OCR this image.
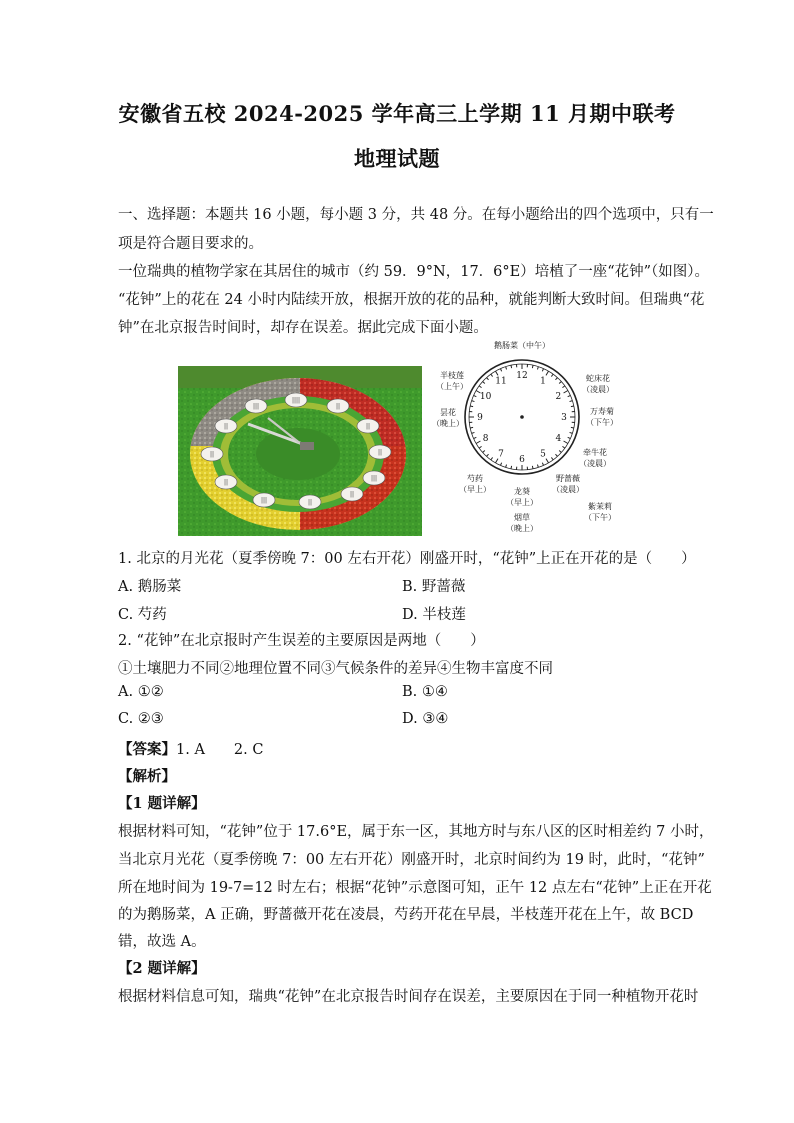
安徽省五校 2024-2025 学年高三上学期 11 月期中联考
地理试题
一、选择题：本题共 16 小题，每小题 3 分，共 48 分。在每小题给出的四个选项中，只有一
项是符合题目要求的。
一位瑞典的植物学家在其居住的城市（约 59．9°N，17．6°E）培植了一座“花钟”（如图）。
“花钟”上的花在 24 小时内陆续开放，根据开放的花的品种，就能判断大致时间。但瑞典“花
钟”在北京报告时间时，却存在误差。据此完成下面小题。
||||
||
||
||
|||
||
||
|||
||
||
||
|||
12
1
2
3
4
5
6
7
8
9
10
11
鹅肠菜（中午）
蛇床花
（凌晨）
万寿菊
（下午）
牵牛花
（凌晨）
野蔷薇
（凌晨）
紫茉莉
（下午）
烟草
（晚上）
龙葵
（早上）
芍药
（早上）
昙花
（晚上）
半枝莲
（上午）
1. 北京的月光花（夏季傍晚 7：00 左右开花）刚盛开时，“花钟”上正在开花的是（　　）
A. 鹅肠菜	B. 野蔷薇
C. 芍药	D. 半枝莲
2. “花钟”在北京报时产生误差的主要原因是两地（　　）
①土壤肥力不同②地理位置不同③气候条件的差异④生物丰富度不同
A. ①②	B. ①④
C. ②③	D. ③④
【答案】1. A　　2. C
【解析】
【1 题详解】
根据材料可知，“花钟”位于 17.6°E，属于东一区，其地方时与东八区的区时相差约 7 小时，
当北京月光花（夏季傍晚 7：00 左右开花）刚盛开时，北京时间约为 19 时，此时，“花钟”
所在地时间为 19-7=12 时左右；根据“花钟”示意图可知，正午 12 点左右“花钟”上正在开花
的为鹅肠菜，A 正确，野蔷薇开花在凌晨，芍药开花在早晨，半枝莲开花在上午，故 BCD
错，故选 A。
【2 题详解】
根据材料信息可知，瑞典“花钟”在北京报告时间存在误差，主要原因在于同一种植物开花时
